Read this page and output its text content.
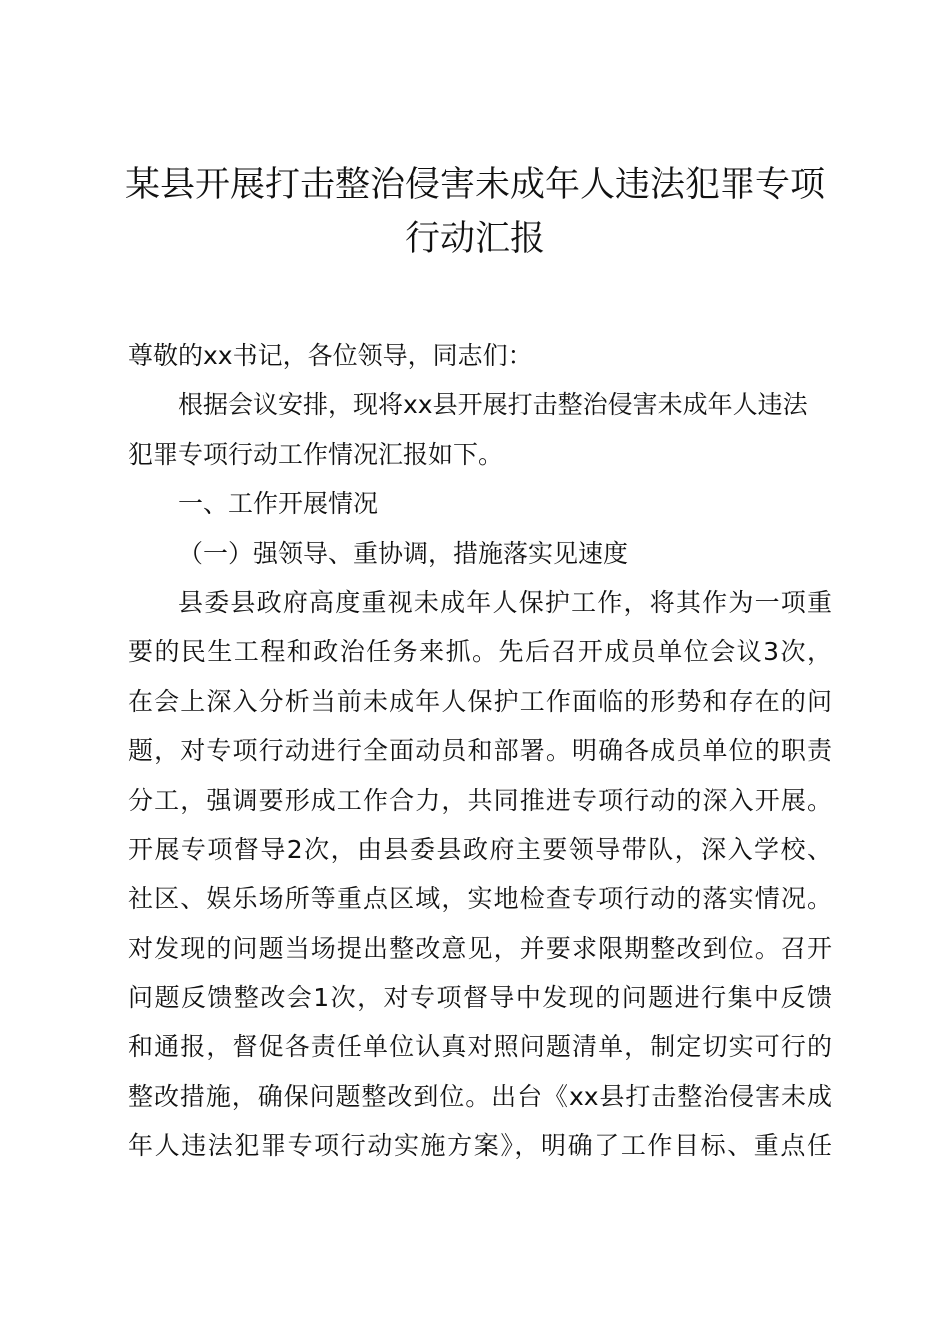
某县开展打击整治侵害未成年人违法犯罪专项
行动汇报
尊敬的xx书记，各位领导，同志们：
根据会议安排，现将xx县开展打击整治侵害未成年人违法
犯罪专项行动工作情况汇报如下。
一、工作开展情况
（一）强领导、重协调，措施落实见速度
县委县政府高度重视未成年人保护工作，将其作为一项重
要的民生工程和政治任务来抓。先后召开成员单位会议3次，
在会上深入分析当前未成年人保护工作面临的形势和存在的问
题，对专项行动进行全面动员和部署。明确各成员单位的职责
分工，强调要形成工作合力，共同推进专项行动的深入开展。
开展专项督导2次，由县委县政府主要领导带队，深入学校、
社区、娱乐场所等重点区域，实地检查专项行动的落实情况。
对发现的问题当场提出整改意见，并要求限期整改到位。召开
问题反馈整改会1次，对专项督导中发现的问题进行集中反馈
和通报，督促各责任单位认真对照问题清单，制定切实可行的
整改措施，确保问题整改到位。出台《xx县打击整治侵害未成
年人违法犯罪专项行动实施方案》，明确了工作目标、重点任
